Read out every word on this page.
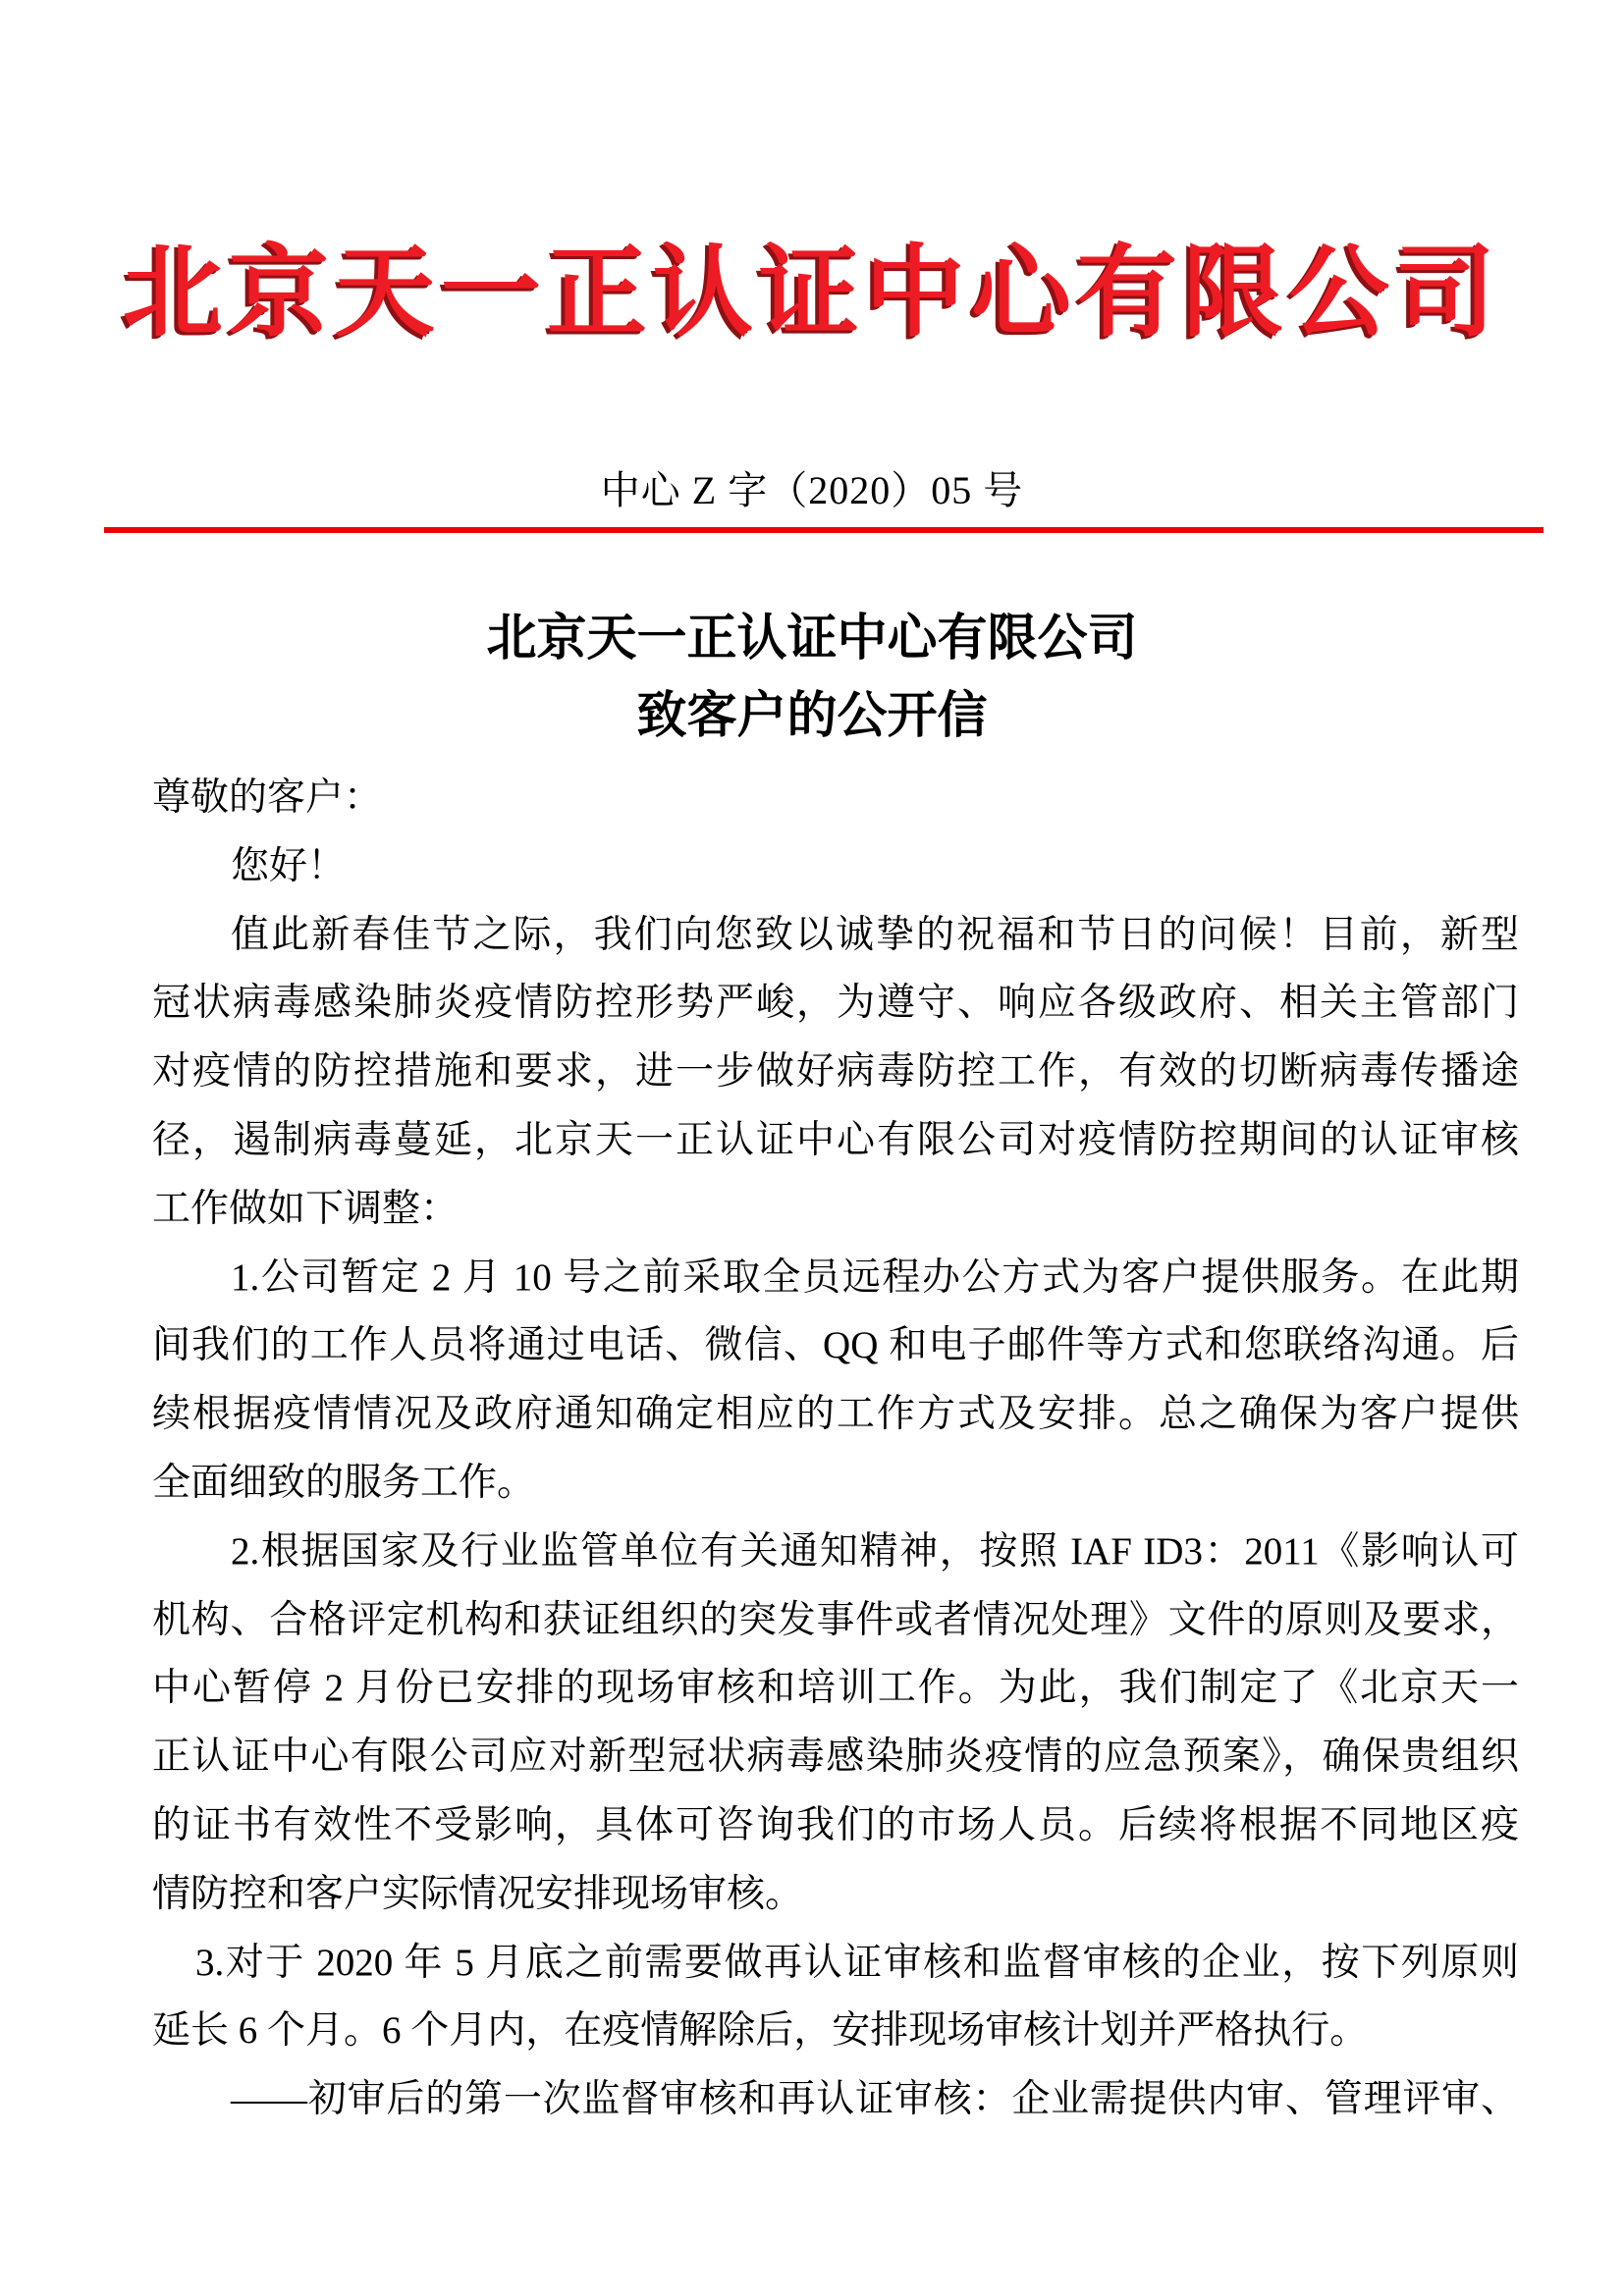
北京天一正认证中心有限公司
中心 Z 字（2020）05 号
北京天一正认证中心有限公司
致客户的公开信
尊敬的客户：
您好！
值此新春佳节之际，我们向您致以诚挚的祝福和节日的问候！目前，新型
冠状病毒感染肺炎疫情防控形势严峻，为遵守、响应各级政府、相关主管部门
对疫情的防控措施和要求，进一步做好病毒防控工作，有效的切断病毒传播途
径，遏制病毒蔓延，北京天一正认证中心有限公司对疫情防控期间的认证审核
工作做如下调整：
1.公司暂定 2 月 10 号之前采取全员远程办公方式为客户提供服务。在此期
间我们的工作人员将通过电话、微信、QQ 和电子邮件等方式和您联络沟通。后
续根据疫情情况及政府通知确定相应的工作方式及安排。总之确保为客户提供
全面细致的服务工作。
2.根据国家及行业监管单位有关通知精神，按照 IAF ID3：2011《影响认可
机构、合格评定机构和获证组织的突发事件或者情况处理》文件的原则及要求，
中心暂停 2 月份已安排的现场审核和培训工作。为此，我们制定了《北京天一
正认证中心有限公司应对新型冠状病毒感染肺炎疫情的应急预案》，确保贵组织
的证书有效性不受影响，具体可咨询我们的市场人员。后续将根据不同地区疫
情防控和客户实际情况安排现场审核。
3.对于 2020 年 5 月底之前需要做再认证审核和监督审核的企业，按下列原则
延长 6 个月。6 个月内，在疫情解除后，安排现场审核计划并严格执行。
——初审后的第一次监督审核和再认证审核：企业需提供内审、管理评审、
